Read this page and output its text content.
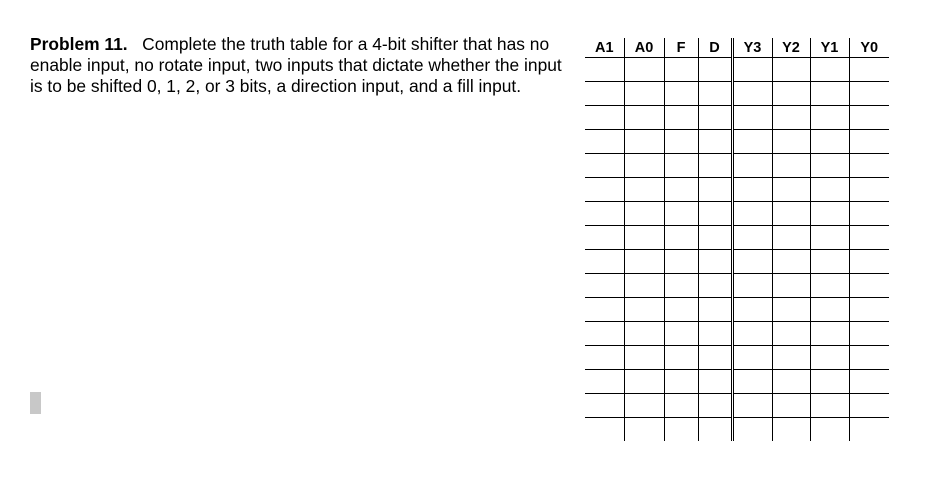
Problem 11. Complete the truth table for a 4-bit shifter that has no enable input, no rotate input, two inputs that dictate whether the input is to be shifted 0, 1, 2, or 3 bits, a direction input, and a fill input.

A1	A0	F	D	Y3	Y2	Y1	Y0
